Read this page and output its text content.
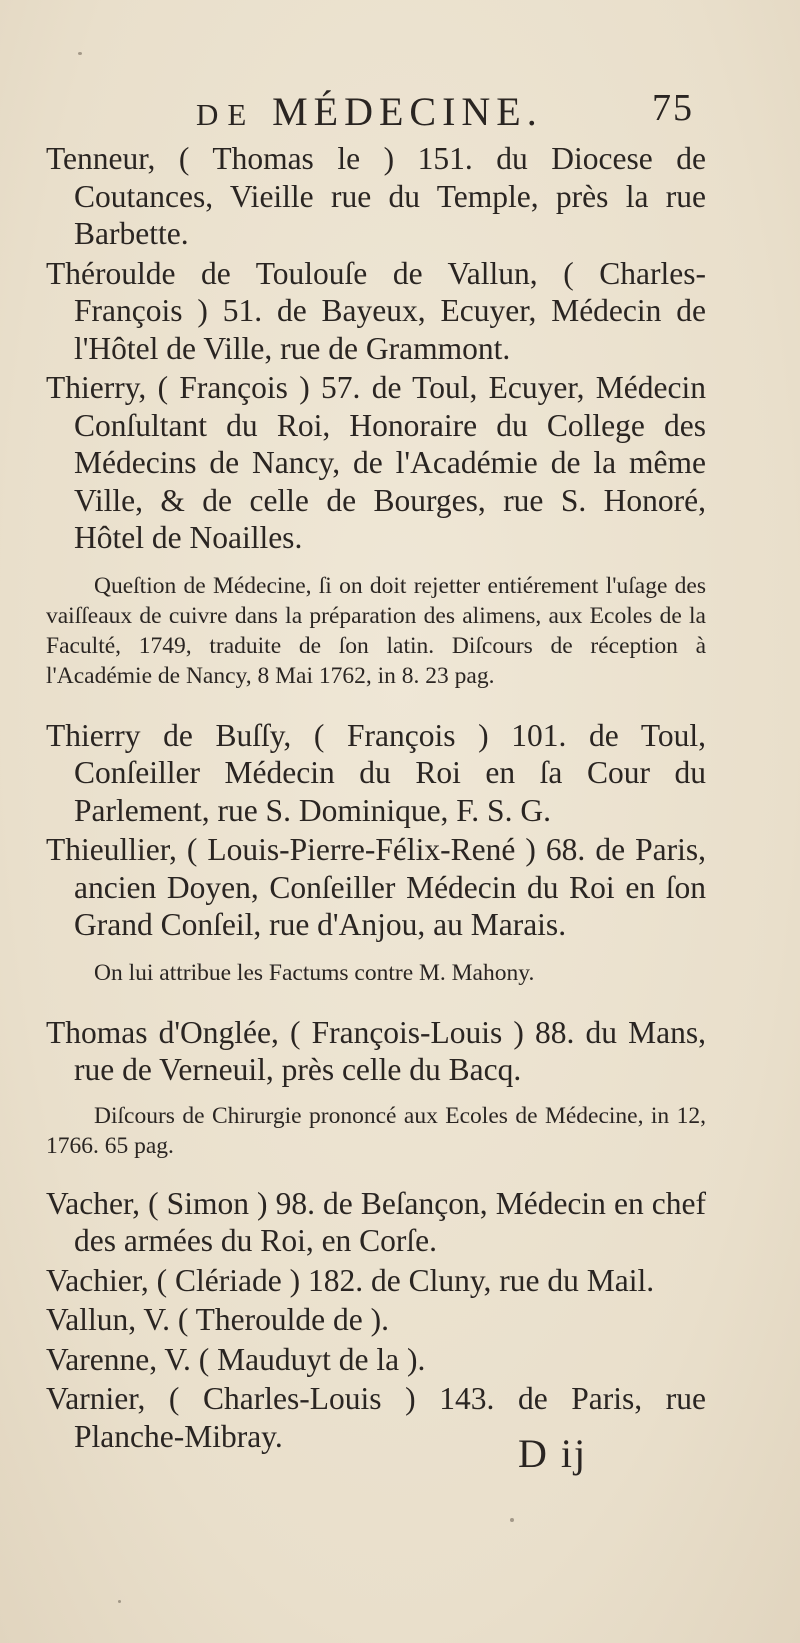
DE MÉDECINE.	75

Tenneur, ( Thomas le ) 151. du Diocese de Coutances, Vieille rue du Temple, près la rue Barbette.

Théroulde de Toulouſe de Vallun, ( Charles-François ) 51. de Bayeux, Ecuyer, Médecin de l'Hôtel de Ville, rue de Grammont.

Thierry, ( François ) 57. de Toul, Ecuyer, Médecin Conſultant du Roi, Honoraire du College des Médecins de Nancy, de l'Académie de la même Ville, & de celle de Bourges, rue S. Honoré, Hôtel de Noailles.

Queſtion de Médecine, ſi on doit rejetter entiérement l'uſage des vaiſſeaux de cuivre dans la préparation des alimens, aux Ecoles de la Faculté, 1749, traduite de ſon latin. Diſcours de réception à l'Académie de Nancy, 8 Mai 1762, in 8. 23 pag.

Thierry de Buſſy, ( François ) 101. de Toul, Conſeiller Médecin du Roi en ſa Cour du Parlement, rue S. Dominique, F. S. G.

Thieullier, ( Louis-Pierre-Félix-René ) 68. de Paris, ancien Doyen, Conſeiller Médecin du Roi en ſon Grand Conſeil, rue d'Anjou, au Marais.

On lui attribue les Factums contre M. Mahony.

Thomas d'Onglée, ( François-Louis ) 88. du Mans, rue de Verneuil, près celle du Bacq.

Diſcours de Chirurgie prononcé aux Ecoles de Médecine, in 12, 1766. 65 pag.

Vacher, ( Simon ) 98. de Beſançon, Médecin en chef des armées du Roi, en Corſe.

Vachier, ( Clériade ) 182. de Cluny, rue du Mail.

Vallun, V. ( Theroulde de ).

Varenne, V. ( Mauduyt de la ).

Varnier, ( Charles-Louis ) 143. de Paris, rue Planche-Mibray.	D ij
